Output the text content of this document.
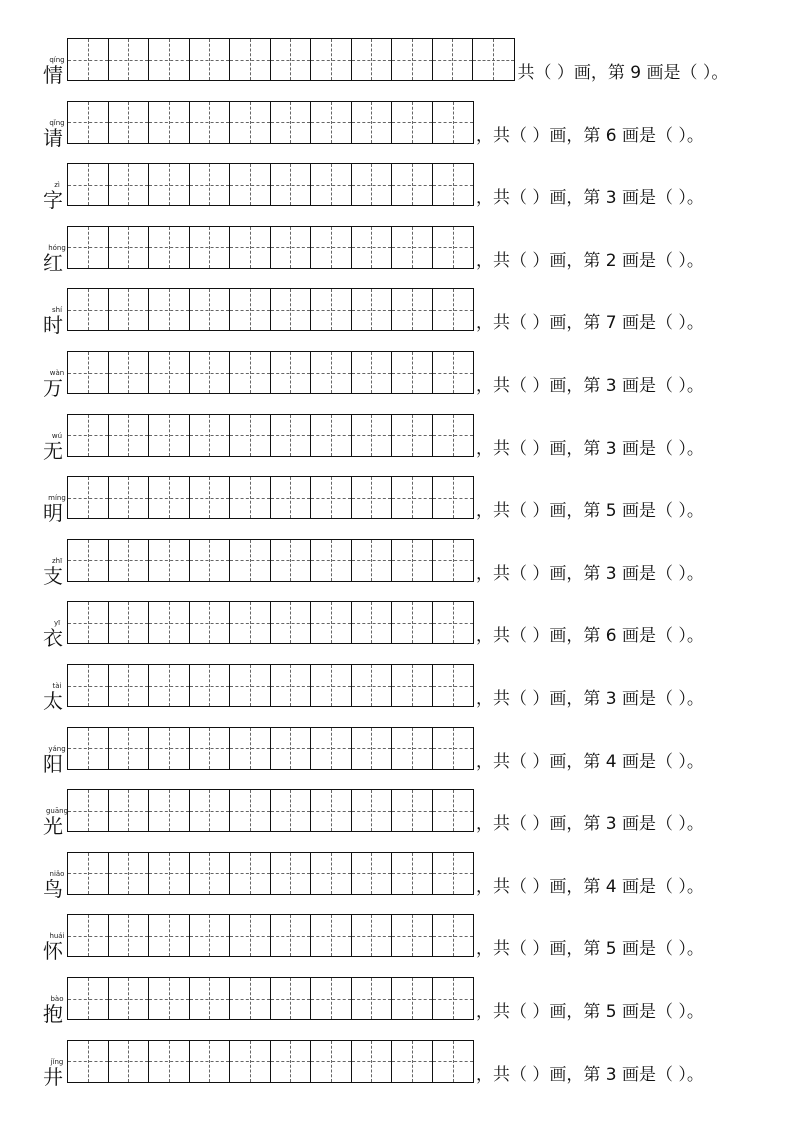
qíng
情	共（ ）画，第 9 画是（ ）。
qǐng
请	，共（ ）画，第 6 画是（ ）。
zì
字	，共（ ）画，第 3 画是（ ）。
hóng
红	，共（ ）画，第 2 画是（ ）。
shí
时	，共（ ）画，第 7 画是（ ）。
wàn
万	，共（ ）画，第 3 画是（ ）。
wú
无	，共（ ）画，第 3 画是（ ）。
míng
明	，共（ ）画，第 5 画是（ ）。
zhī
支	，共（ ）画，第 3 画是（ ）。
yī
衣	，共（ ）画，第 6 画是（ ）。
tài
太	，共（ ）画，第 3 画是（ ）。
yáng
阳	，共（ ）画，第 4 画是（ ）。
guāng
光	，共（ ）画，第 3 画是（ ）。
niǎo
鸟	，共（ ）画，第 4 画是（ ）。
huái
怀	，共（ ）画，第 5 画是（ ）。
bào
抱	，共（ ）画，第 5 画是（ ）。
jǐng
井	，共（ ）画，第 3 画是（ ）。
